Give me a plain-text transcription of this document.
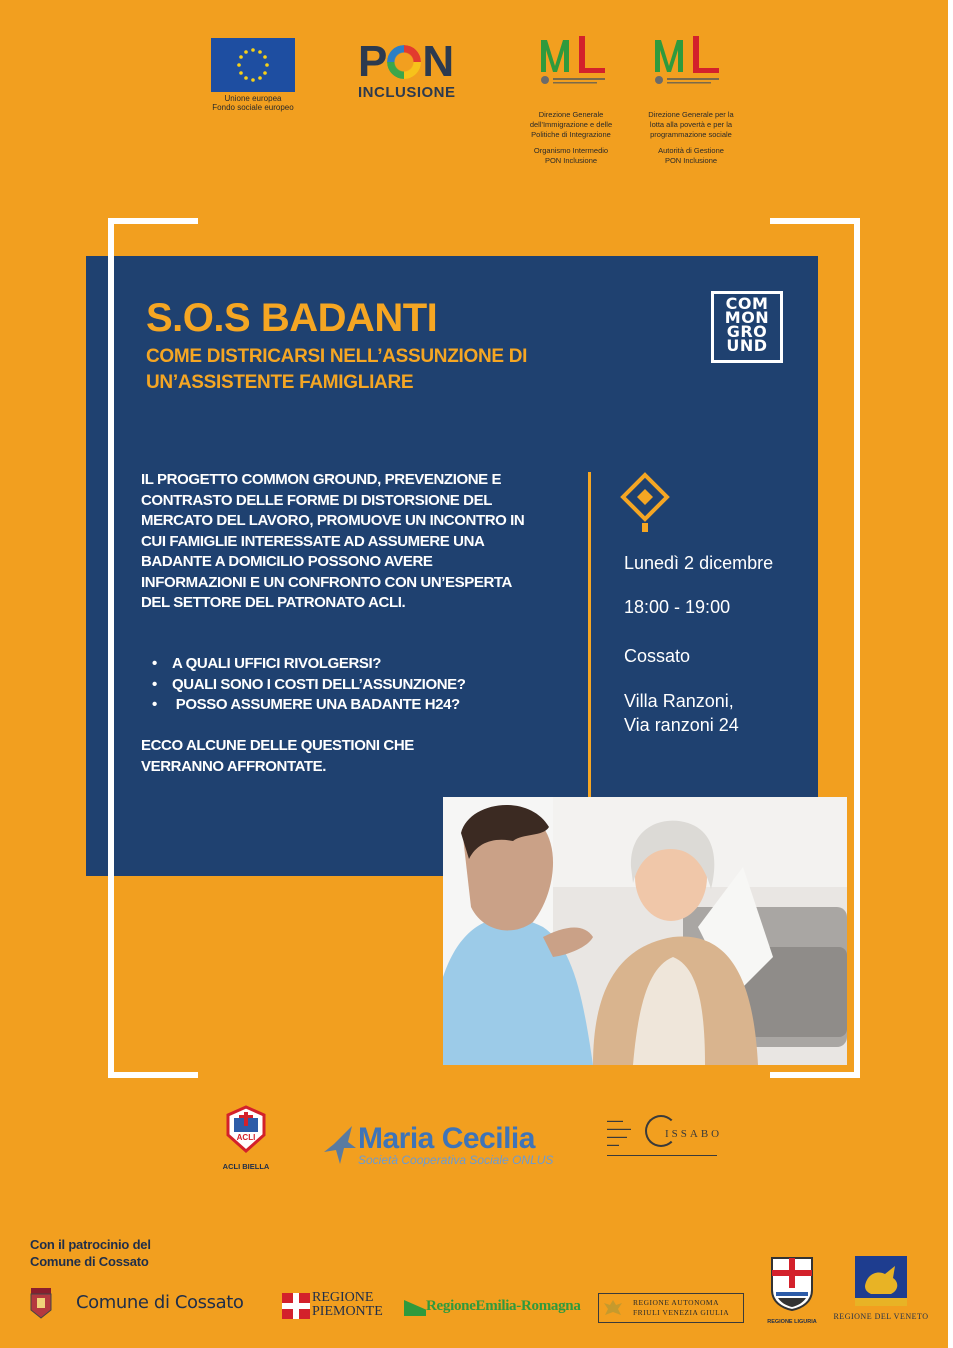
Unione europea
Fondo sociale europeo
P N
INCLUSIONE
Direzione Generale
dell'Immigrazione e delle
Politiche di Integrazione
Organismo Intermedio
PON Inclusione
Direzione Generale per la
lotta alla povertà e per la
programmazione sociale
Autorità di Gestione
PON Inclusione
S.O.S BADANTI
COME DISTRICARSI NELL’ASSUNZIONE DI UN’ASSISTENTE FAMIGLIARE
COM
MON
GRO
UND
IL PROGETTO COMMON GROUND, PREVENZIONE E CONTRASTO DELLE FORME DI DISTORSIONE DEL MERCATO DEL LAVORO, PROMUOVE UN INCONTRO IN CUI FAMIGLIE INTERESSATE AD ASSUMERE UNA BADANTE A DOMICILIO POSSONO AVERE INFORMAZIONI E UN CONFRONTO CON UN’ESPERTA DEL SETTORE DEL PATRONATO ACLI.
• A QUALI UFFICI RIVOLGERSI?
• QUALI SONO I COSTI DELL’ASSUNZIONE?
•  POSSO ASSUMERE UNA BADANTE H24?
ECCO ALCUNE DELLE QUESTIONI CHE VERRANNO AFFRONTATE.
Lunedì 2 dicembre
18:00 - 19:00
Cossato
Villa Ranzoni,
Via ranzoni 24
ACLI
ACLI BIELLA
Maria Cecilia
Società Cooperativa Sociale ONLUS
▬▬▬▬
▬▬▬▬▬▬
▬▬▬▬▬
▬▬▬
ISSABO
Con il patrocinio del
Comune di Cossato
Comune di Cossato	REGIONE
PIEMONTE	RegioneEmilia-Romagna	REGIONE AUTONOMA
FRIULI VENEZIA GIULIA
REGIONE LIGURIA
REGIONE DEL VENETO
